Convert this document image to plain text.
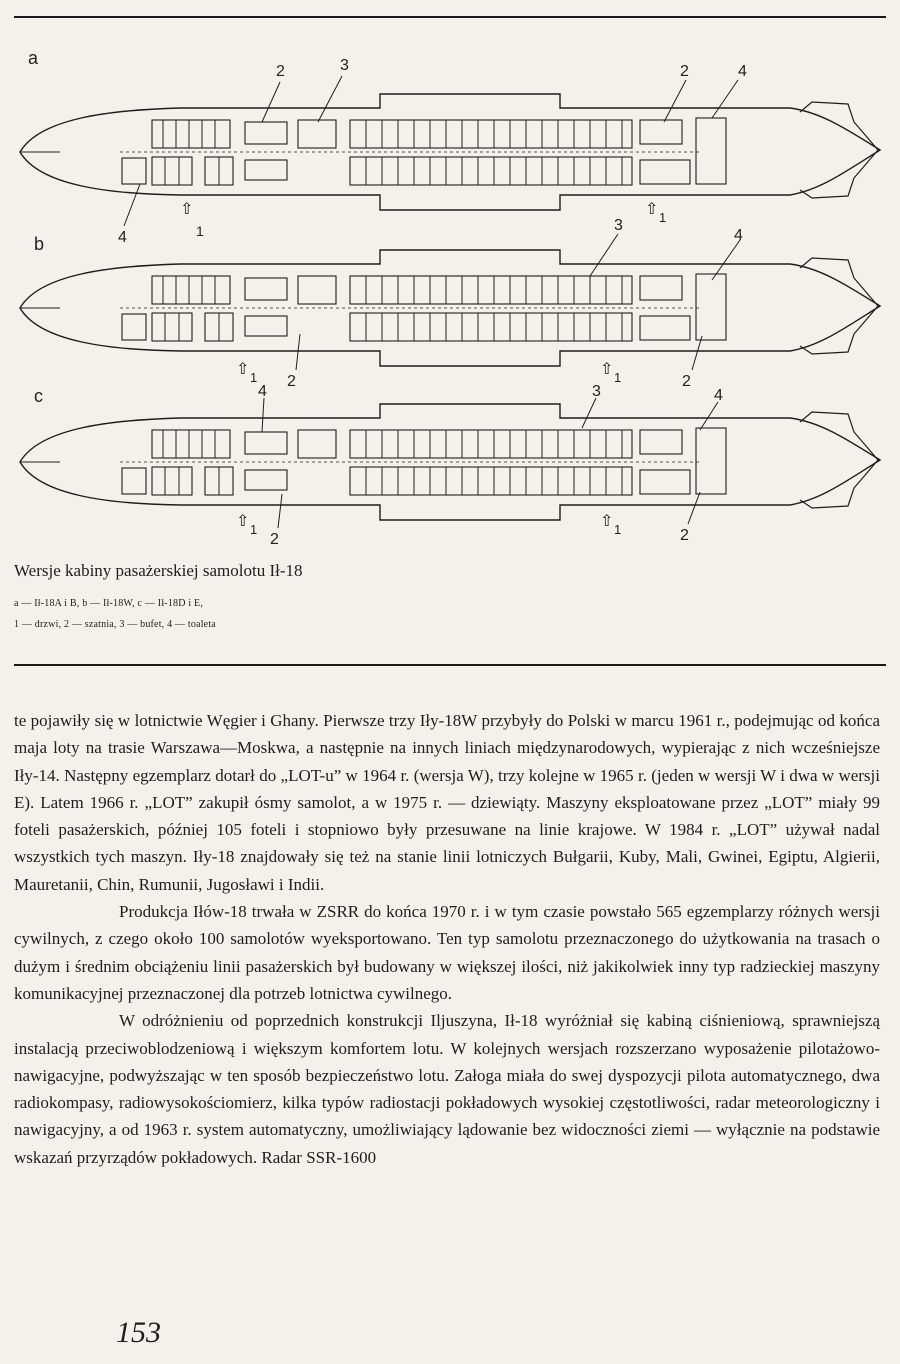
a
2	3	2	4
4
⇧
1
⇧ 1
b
3
4
⇧ 1 2
⇧ 1	2
c	4	3	4
⇧ 1
2
⇧ 1	2
Wersje kabiny pasażerskiej samolotu Ił-18
a — Ił-18A i B, b — Ił-18W, c — Ił-18D i E,
1 — drzwi, 2 — szatnia, 3 — bufet, 4 — toaleta

te pojawiły się w lotnictwie Węgier i Ghany. Pierwsze trzy Iły-18W przybyły do Polski w marcu 1961 r., podejmując od końca maja loty na trasie Warszawa—Moskwa, a następnie na innych liniach międzynarodowych, wypierając z nich wcześniejsze Iły-14. Następny egzemplarz dotarł do „LOT-u” w 1964 r. (wersja W), trzy kolejne w 1965 r. (jeden w wersji W i dwa w wersji E). Latem 1966 r. „LOT” zakupił ósmy samolot, a w 1975 r. — dziewiąty. Maszyny eksploatowane przez „LOT” miały 99 foteli pasażerskich, później 105 foteli i stopniowo były przesuwane na linie krajowe. W 1984 r. „LOT” używał nadal wszystkich tych maszyn. Iły-18 znajdowały się też na stanie linii lotniczych Bułgarii, Kuby, Mali, Gwinei, Egiptu, Algierii, Mauretanii, Chin, Rumunii, Jugosławi i Indii.

Produkcja Iłów-18 trwała w ZSRR do końca 1970 r. i w tym czasie powstało 565 egzemplarzy różnych wersji cywilnych, z czego około 100 samolotów wyeksportowano. Ten typ samolotu przeznaczonego do użytkowania na trasach o dużym i średnim obciążeniu linii pasażerskich był budowany w większej ilości, niż jakikolwiek inny typ radzieckiej maszyny komunikacyjnej przeznaczonej dla potrzeb lotnictwa cywilnego.

W odróżnieniu od poprzednich konstrukcji Iljuszyna, Ił-18 wyróżniał się kabiną ciśnieniową, sprawniejszą instalacją przeciwoblodzeniową i większym komfortem lotu. W kolejnych wersjach rozszerzano wyposażenie pilotażowo-nawigacyjne, podwyższając w ten sposób bezpieczeństwo lotu. Załoga miała do swej dyspozycji pilota automatycznego, dwa radiokompasy, radiowysokościomierz, kilka typów radiostacji pokładowych wysokiej częstotliwości, radar meteorologiczny i nawigacyjny, a od 1963 r. system automatyczny, umożliwiający lądowanie bez widoczności ziemi — wyłącznie na podstawie wskazań przyrządów pokładowych. Radar SSR-1600

153
